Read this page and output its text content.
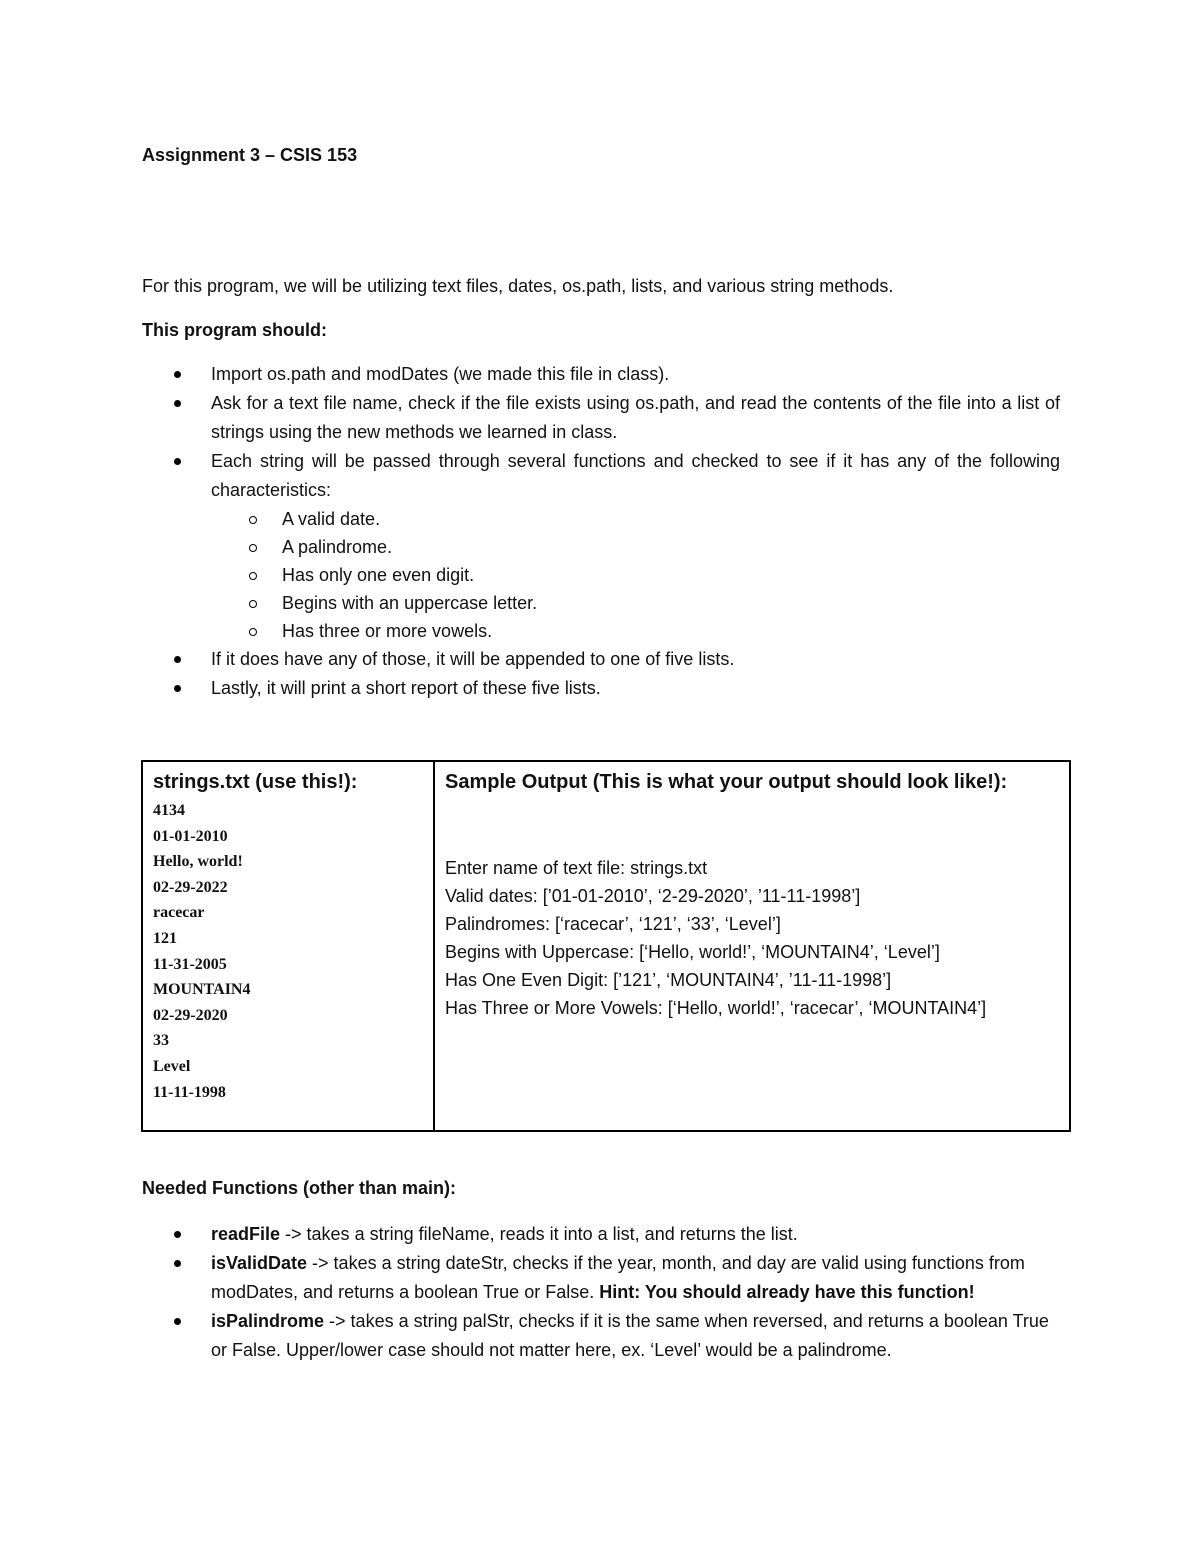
Assignment 3 – CSIS 153

For this program, we will be utilizing text files, dates, os.path, lists, and various string methods.

This program should:

Import os.path and modDates (we made this file in class).
Ask for a text file name, check if the file exists using os.path, and read the contents of the file into a list of strings using the new methods we learned in class.
Each string will be passed through several functions and checked to see if it has any of the following characteristics:
A valid date.
A palindrome.
Has only one even digit.
Begins with an uppercase letter.
Has three or more vowels.
If it does have any of those, it will be appended to one of five lists.
Lastly, it will print a short report of these five lists.
strings.txt (use this!):
4134
01-01-2010
Hello, world!
02-29-2022
racecar
121
11-31-2005
MOUNTAIN4
02-29-2020
33
Level
11-11-1998

Sample Output (This is what your output should look like!):
Enter name of text file: strings.txt
Valid dates: [’01-01-2010’, ‘2-29-2020’, ’11-11-1998’]
Palindromes: [‘racecar’, ‘121’, ‘33’, ‘Level’]
Begins with Uppercase: [‘Hello, world!’, ‘MOUNTAIN4’, ‘Level’]
Has One Even Digit: [’121’, ‘MOUNTAIN4’, ’11-11-1998’]
Has Three or More Vowels: [‘Hello, world!’, ‘racecar’, ‘MOUNTAIN4’]

Needed Functions (other than main):

readFile -> takes a string fileName, reads it into a list, and returns the list.
isValidDate -> takes a string dateStr, checks if the year, month, and day are valid using functions from modDates, and returns a boolean True or False. Hint: You should already have this function!
isPalindrome -> takes a string palStr, checks if it is the same when reversed, and returns a boolean True or False. Upper/lower case should not matter here, ex. ‘Level’ would be a palindrome.
